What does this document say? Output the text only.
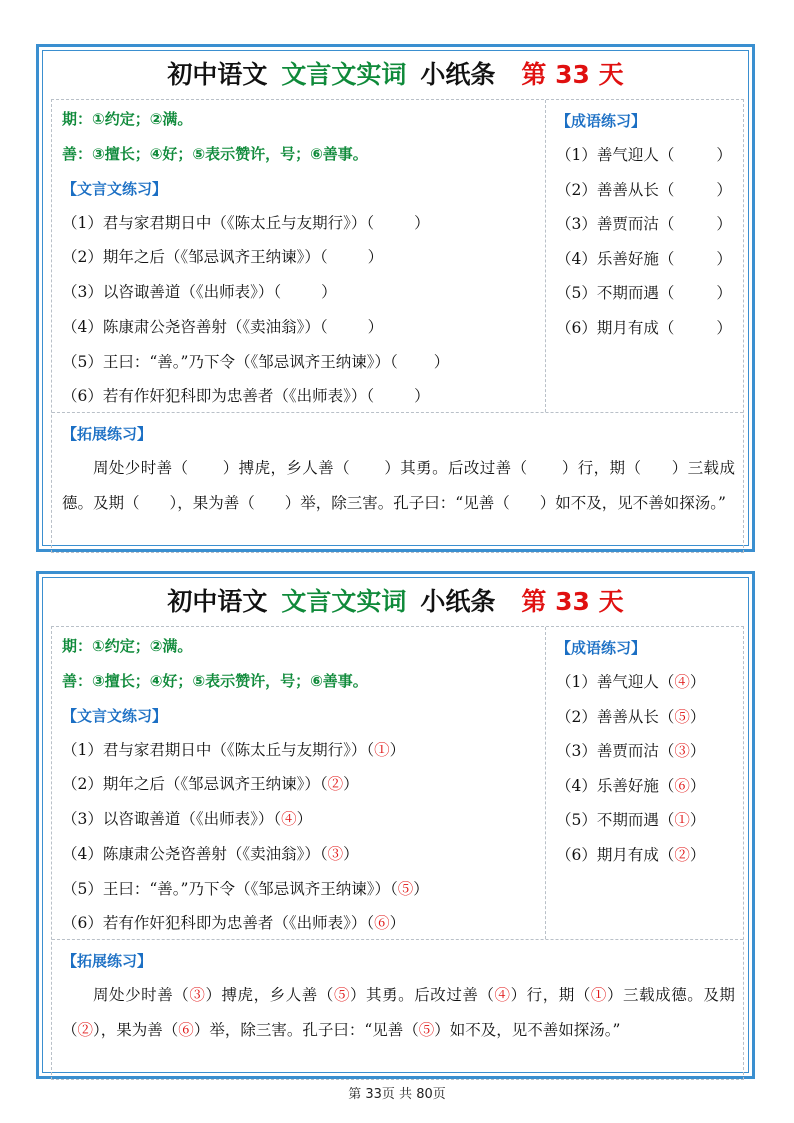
初中语文 文言文实词 小纸条 第 33 天
期：①约定；②满。
善：③擅长；④好；⑤表示赞许，号；⑥善事。
【文言文练习】
（1）君与家君期日中（《陈太丘与友期行》）（	）
（2）期年之后（《邹忌讽齐王纳谏》）（	）
（3）以咨诹善道（《出师表》）（	）
（4）陈康肃公尧咨善射（《卖油翁》）（	）
（5）王曰：“善。”乃下令（《邹忌讽齐王纳谏》）（ ）
（6）若有作奸犯科即为忠善者（《出师表》）（	）
【成语练习】
（1）善气迎人（	）
（2）善善从长（	）
（3）善贾而沽（	）
（4）乐善好施（	）
（5）不期而遇（	）
（6）期月有成（	）
【拓展练习】
周处少时善（ ）搏虎，乡人善（ ）其勇。后改过善（ ）行，期（ ）三载成德。及期（ ），果为善（ ）举，除三害。孔子曰：“见善（ ）如不及，见不善如探汤。”
初中语文 文言文实词 小纸条 第 33 天
期：①约定；②满。
善：③擅长；④好；⑤表示赞许，号；⑥善事。
【文言文练习】
（1）君与家君期日中（《陈太丘与友期行》）（①）
（2）期年之后（《邹忌讽齐王纳谏》）（②）
（3）以咨诹善道（《出师表》）（④）
（4）陈康肃公尧咨善射（《卖油翁》）（③）
（5）王曰：“善。”乃下令（《邹忌讽齐王纳谏》）（⑤）
（6）若有作奸犯科即为忠善者（《出师表》）（⑥）
【成语练习】
（1）善气迎人（④）
（2）善善从长（⑤）
（3）善贾而沽（③）
（4）乐善好施（⑥）
（5）不期而遇（①）
（6）期月有成（②）
【拓展练习】
周处少时善（③）搏虎，乡人善（⑤）其勇。后改过善（④）行，期（①）三载成德。及期（②），果为善（⑥）举，除三害。孔子曰：“见善（⑤）如不及，见不善如探汤。”
第 33页 共 80页
